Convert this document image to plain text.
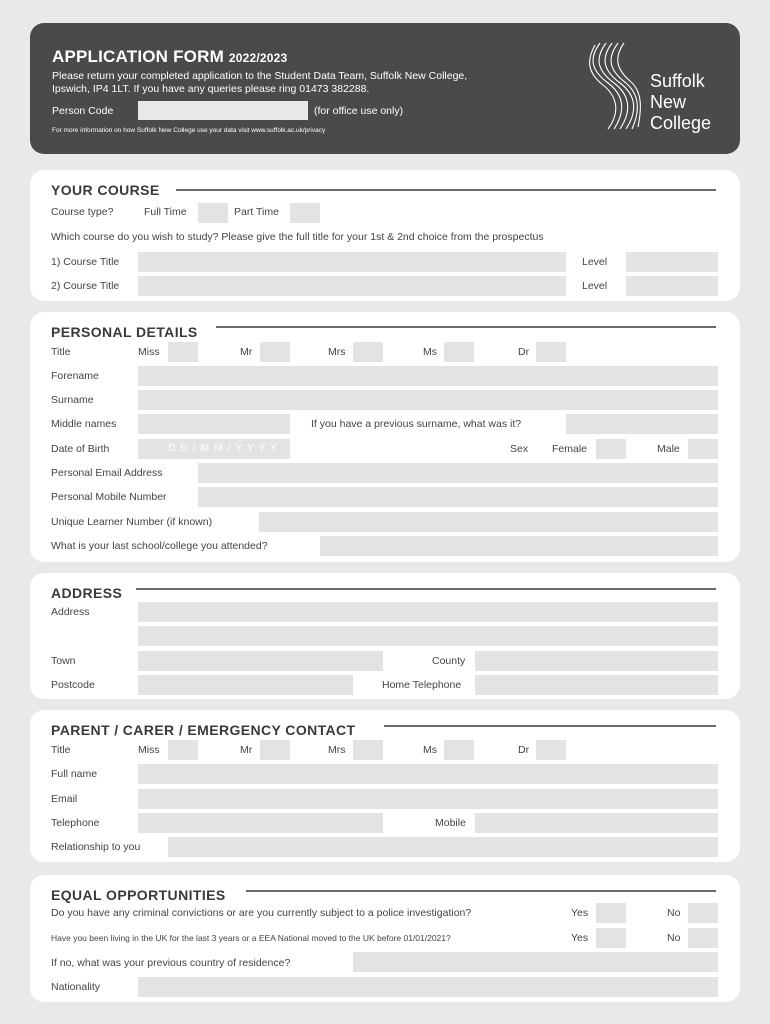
APPLICATION FORM 2022/2023
Please return your completed application to the Student Data Team, Suffolk New College,
Ipswich, IP4 1LT. If you have any queries please ring 01473 382288.
Person Code	(for office use only)
For more information on how Suffolk New College use your data visit www.suffolk.ac.uk/privacy
Suffolk
New
College
YOUR COURSE
Course type?	Full Time	Part Time
Which course do you wish to study? Please give the full title for your 1st & 2nd choice from the prospectus
1) Course Title	Level
2) Course Title	Level
PERSONAL DETAILS
Title	Miss	Mr	Mrs	Ms	Dr
Forename
Surname
Middle names	If you have a previous surname, what was it?
Date of Birth	D D / M M / Y Y Y Y	Sex Female	Male
Personal Email Address
Personal Mobile Number
Unique Learner Number (if known)
What is your last school/college you attended?
ADDRESS
Address
Town	County
Postcode	Home Telephone
PARENT / CARER / EMERGENCY CONTACT
Title	Miss	Mr	Mrs	Ms	Dr
Full name
Email
Telephone	Mobile
Relationship to you
EQUAL OPPORTUNITIES
Do you have any criminal convictions or are you currently subject to a police investigation?	Yes	No
Have you been living in the UK for the last 3 years or a EEA National moved to the UK before 01/01/2021?	Yes	No
If no, what was your previous country of residence?
Nationality
